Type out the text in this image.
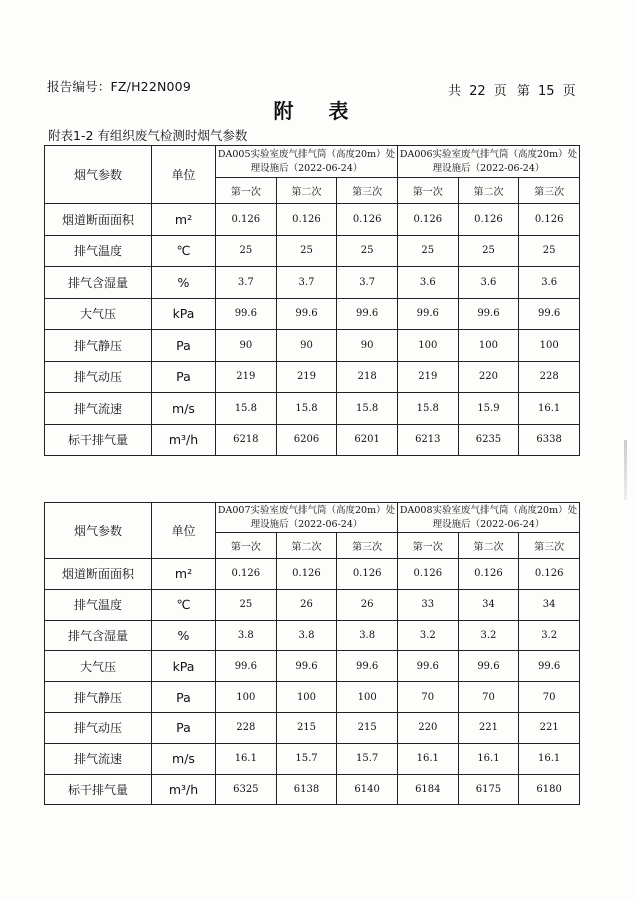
报告编号：FZ/H22N009	共 22 页 第 15 页
附 表
附表1-2 有组织废气检测时烟气参数
烟气参数	单位	DA005实验室废气排气筒（高度20m）处理设施后（2022-06-24）			DA006实验室废气排气筒（高度20m）处理设施后（2022-06-24）		
		第一次	第二次	第三次	第一次	第二次	第三次
烟道断面面积	m²	0.126	0.126	0.126	0.126	0.126	0.126
排气温度	℃	25	25	25	25	25	25
排气含湿量	%	3.7	3.7	3.7	3.6	3.6	3.6
大气压	kPa	99.6	99.6	99.6	99.6	99.6	99.6
排气静压	Pa	90	90	90	100	100	100
排气动压	Pa	219	219	218	219	220	228
排气流速	m/s	15.8	15.8	15.8	15.8	15.9	16.1
标干排气量	m³/h	6218	6206	6201	6213	6235	6338
烟气参数	单位	DA007实验室废气排气筒（高度20m）处理设施后（2022-06-24）			DA008实验室废气排气筒（高度20m）处理设施后（2022-06-24）		
		第一次	第二次	第三次	第一次	第二次	第三次
烟道断面面积	m²	0.126	0.126	0.126	0.126	0.126	0.126
排气温度	℃	25	26	26	33	34	34
排气含湿量	%	3.8	3.8	3.8	3.2	3.2	3.2
大气压	kPa	99.6	99.6	99.6	99.6	99.6	99.6
排气静压	Pa	100	100	100	70	70	70
排气动压	Pa	228	215	215	220	221	221
排气流速	m/s	16.1	15.7	15.7	16.1	16.1	16.1
标干排气量	m³/h	6325	6138	6140	6184	6175	6180
